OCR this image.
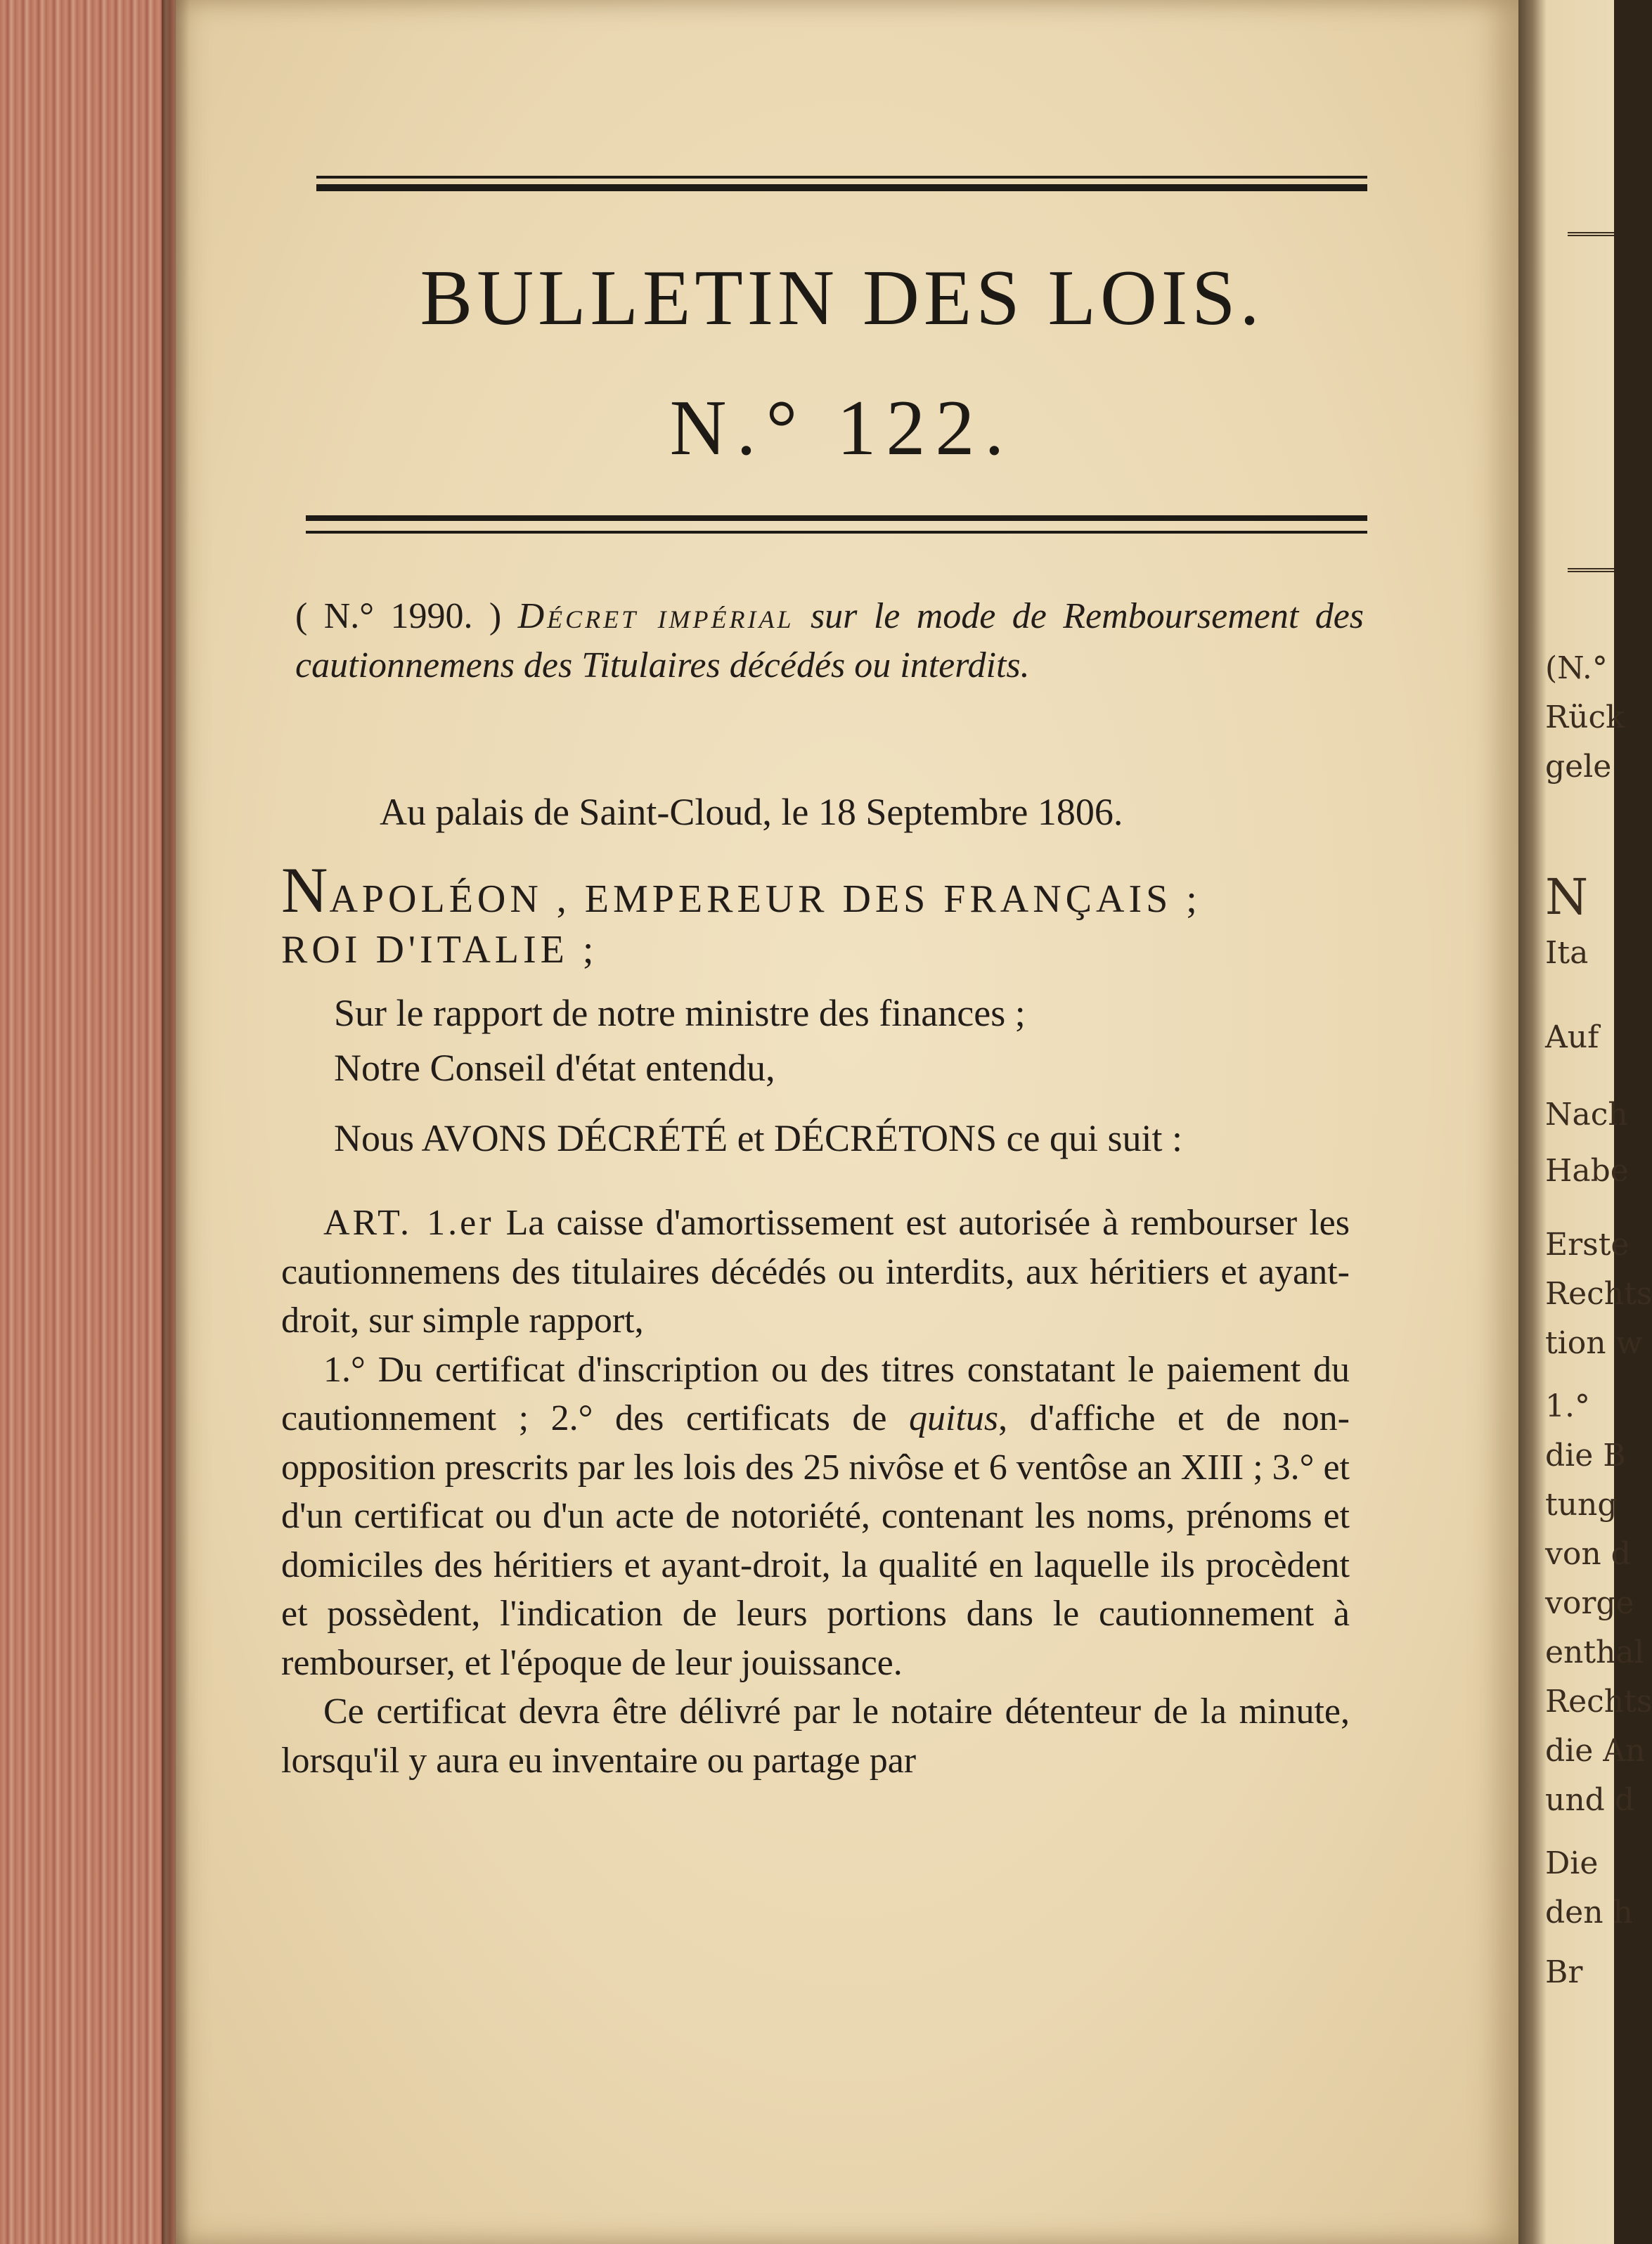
(N.°
Rück
gele
N
Ita
Auf
Nach
Habe
Erste
Rechts
tion w
1.°
die B
tung
von d
vorge
enthal
Rechts
die An
und d
Die
den h
Br
BULLETIN DES LOIS.
N.° 122.
( N.° 1990. ) Décret impérial sur le mode de Remboursement des cautionnemens des Titulaires décédés ou interdits.
Au palais de Saint-Cloud, le 18 Septembre 1806.
NAPOLÉON , EMPEREUR DES FRANÇAIS ;
ROI D'ITALIE ;
Sur le rapport de notre ministre des finances ;
Notre Conseil d'état entendu,
Nous AVONS DÉCRÉTÉ et DÉCRÉTONS ce qui suit :

ART. 1.er La caisse d'amortissement est autorisée à rembourser les cautionnemens des titulaires décédés ou interdits, aux héritiers et ayant-droit, sur simple rapport,

1.° Du certificat d'inscription ou des titres constatant le paiement du cautionnement ; 2.° des certificats de quitus, d'affiche et de non-opposition prescrits par les lois des 25 nivôse et 6 ventôse an XIII ; 3.° et d'un certificat ou d'un acte de notoriété, contenant les noms, prénoms et domiciles des héritiers et ayant-droit, la qualité en laquelle ils procèdent et possèdent, l'indication de leurs portions dans le cautionnement à rembourser, et l'époque de leur jouissance.

Ce certificat devra être délivré par le notaire détenteur de la minute, lorsqu'il y aura eu inventaire ou partage par
